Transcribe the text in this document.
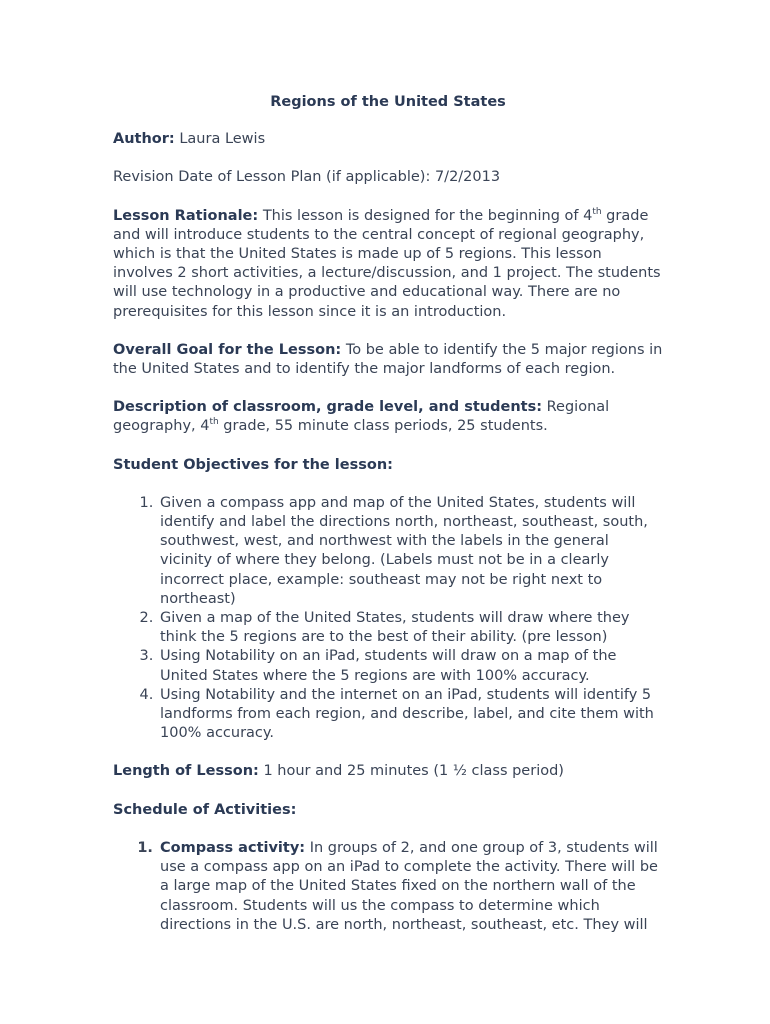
Regions of the United States

Author: Laura Lewis

Revision Date of Lesson Plan (if applicable): 7/2/2013

Lesson Rationale: This lesson is designed for the beginning of 4th grade and will introduce students to the central concept of regional geography, which is that the United States is made up of 5 regions. This lesson involves 2 short activities, a lecture/discussion, and 1 project. The students will use technology in a productive and educational way. There are no prerequisites for this lesson since it is an introduction.

Overall Goal for the Lesson: To be able to identify the 5 major regions in the United States and to identify the major landforms of each region.

Description of classroom, grade level, and students: Regional geography, 4th grade, 55 minute class periods, 25 students.

Student Objectives for the lesson:
1. Given a compass app and map of the United States, students will identify and label the directions north, northeast, southeast, south, southwest, west, and northwest with the labels in the general vicinity of where they belong. (Labels must not be in a clearly incorrect place, example: southeast may not be right next to northeast)
2. Given a map of the United States, students will draw where they think the 5 regions are to the best of their ability. (pre lesson)
3. Using Notability on an iPad, students will draw on a map of the United States where the 5 regions are with 100% accuracy.
4. Using Notability and the internet on an iPad, students will identify 5 landforms from each region, and describe, label, and cite them with 100% accuracy.

Length of Lesson: 1 hour and 25 minutes (1 ½ class period)

Schedule of Activities:
1. Compass activity: In groups of 2, and one group of 3, students will use a compass app on an iPad to complete the activity. There will be a large map of the United States fixed on the northern wall of the classroom. Students will us the compass to determine which directions in the U.S. are north, northeast, southeast, etc. They will
